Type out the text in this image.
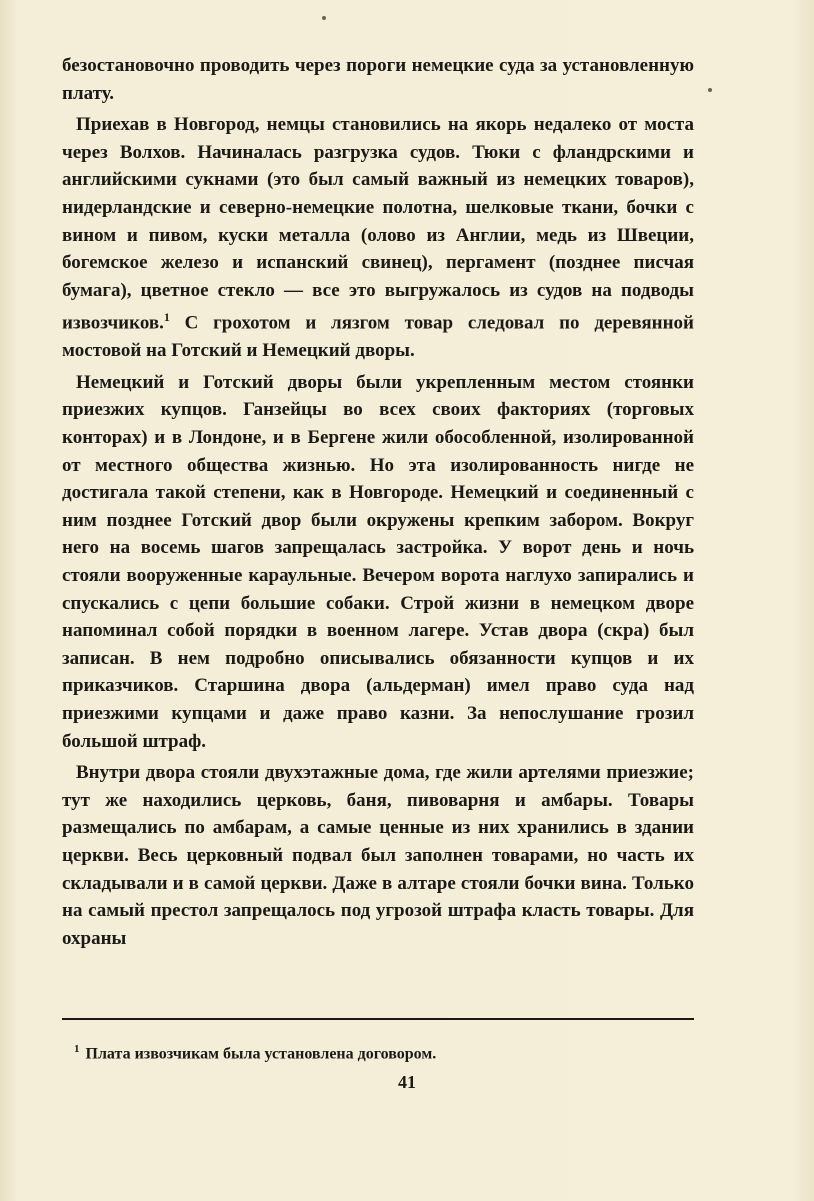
безостановочно проводить через пороги немецкие суда за установленную плату.

Приехав в Новгород, немцы становились на якорь недалеко от моста через Волхов. Начиналась разгрузка судов. Тюки с фландрскими и английскими сукнами (это был самый важный из немецких товаров), нидерландские и северно-немецкие полотна, шелковые ткани, бочки с вином и пивом, куски металла (олово из Англии, медь из Швеции, богемское железо и испанский свинец), пергамент (позднее писчая бумага), цветное стекло — все это выгружалось из судов на подводы извозчиков.$^1$ С грохотом и лязгом товар следовал по деревянной мостовой на Готский и Немецкий дворы.

Немецкий и Готский дворы были укрепленным местом стоянки приезжих купцов. Ганзейцы во всех своих факториях (торговых конторах) и в Лондоне, и в Бергене жили обособленной, изолированной от местного общества жизнью. Но эта изолированность нигде не достигала такой степени, как в Новгороде. Немецкий и соединенный с ним позднее Готский двор были окружены крепким забором. Вокруг него на восемь шагов запрещалась застройка. У ворот день и ночь стояли вооруженные караульные. Вечером ворота наглухо запирались и спускались с цепи большие собаки. Строй жизни в немецком дворе напоминал собой порядки в военном лагере. Устав двора (скра) был записан. В нем подробно описывались обязанности купцов и их приказчиков. Старшина двора (альдерман) имел право суда над приезжими купцами и даже право казни. За непослушание грозил большой штраф.

Внутри двора стояли двухэтажные дома, где жили артелями приезжие; тут же находились церковь, баня, пивоварня и амбары. Товары размещались по амбарам, а самые ценные из них хранились в здании церкви. Весь церковный подвал был заполнен товарами, но часть их складывали и в самой церкви. Даже в алтаре стояли бочки вина. Только на самый престол запрещалось под угрозой штрафа класть товары. Для охраны

$^1$ Плата извозчикам была установлена договором.
41
